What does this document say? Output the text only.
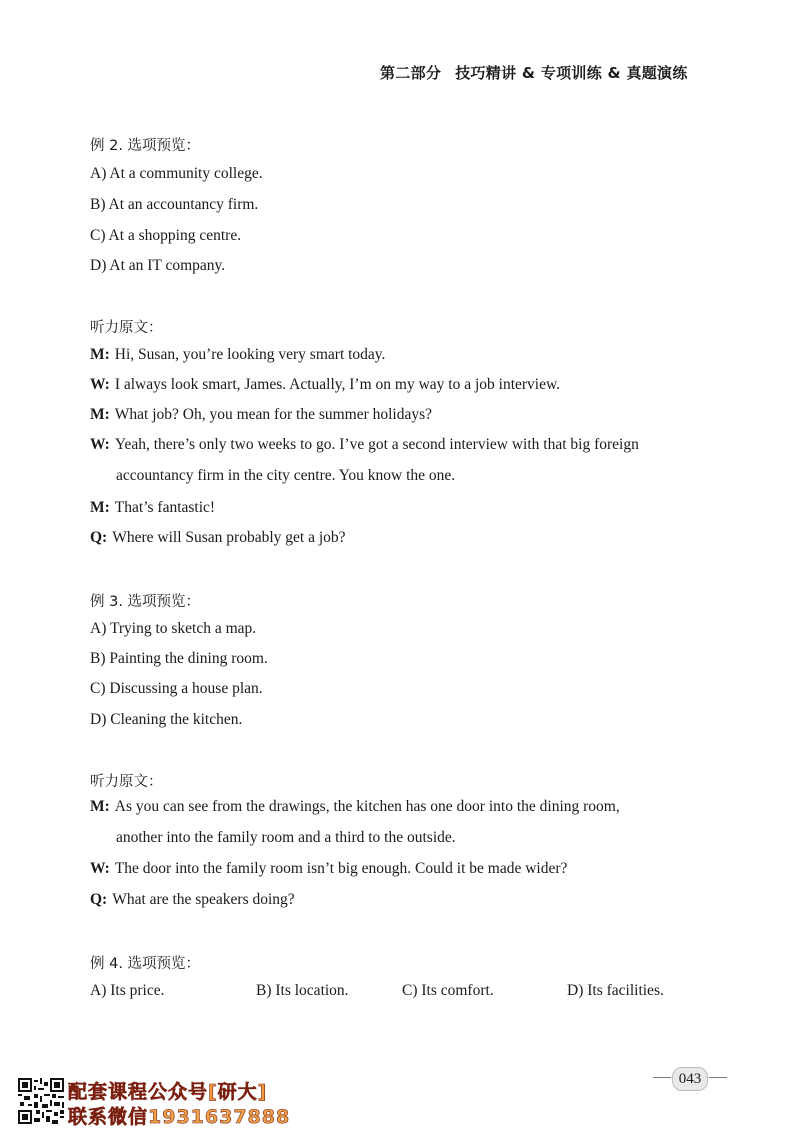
第二部分 技巧精讲 & 专项训练 & 真题演练
例 2. 选项预览：
A) At a community college.
B) At an accountancy firm.
C) At a shopping centre.
D) At an IT company.
听力原文：
M: Hi, Susan, you’re looking very smart today.
W: I always look smart, James. Actually, I’m on my way to a job interview.
M: What job? Oh, you mean for the summer holidays?
W: Yeah, there’s only two weeks to go. I’ve got a second interview with that big foreign
accountancy firm in the city centre. You know the one.
M: That’s fantastic!
Q: Where will Susan probably get a job?
例 3. 选项预览：
A) Trying to sketch a map.
B) Painting the dining room.
C) Discussing a house plan.
D) Cleaning the kitchen.
听力原文：
M: As you can see from the drawings, the kitchen has one door into the dining room,
another into the family room and a third to the outside.
W: The door into the family room isn’t big enough. Could it be made wider?
Q: What are the speakers doing?
例 4. 选项预览：
A) Its price.	B) Its location.	C) Its comfort.	D) Its facilities.
043
配套课程公众号[研大]
联系微信1931637888
